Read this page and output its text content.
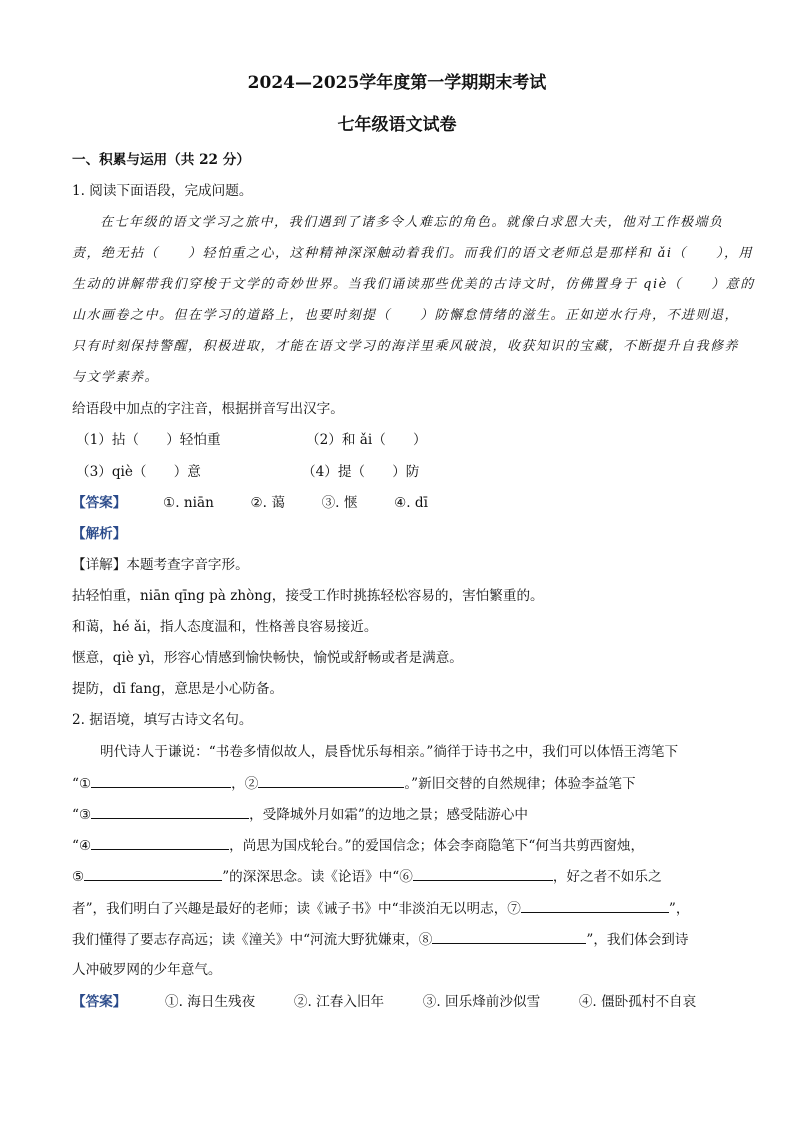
2024—2025学年度第一学期期末考试
七年级语文试卷
一、积累与运用（共 22 分）
1. 阅读下面语段，完成问题。
在七年级的语文学习之旅中，我们遇到了诸多令人难忘的角色。就像白求恩大夫，他对工作极端负
责，绝无拈（　　）轻怕重之心，这种精神深深触动着我们。而我们的语文老师总是那样和 ǎi（　　），用
生动的讲解带我们穿梭于文学的奇妙世界。当我们诵读那些优美的古诗文时，仿佛置身于 qiè（　　）意的
山水画卷之中。但在学习的道路上，也要时刻提（　　）防懈怠情绪的滋生。正如逆水行舟，不进则退，
只有时刻保持警醒，积极进取，才能在语文学习的海洋里乘风破浪，收获知识的宝藏，不断提升自我修养
与文学素养。
给语段中加点的字注音，根据拼音写出汉字。
（1）拈（　　）轻怕重	（2）和 ǎi（　　）
（3）qiè（　　）意	（4）提（　　）防
【答案】	①. niān	②. 蔼	③. 惬	④. dī
【解析】
【详解】本题考查字音字形。
拈轻怕重，niān qīng pà zhòng，接受工作时挑拣轻松容易的，害怕繁重的。
和蔼，hé ǎi，指人态度温和，性格善良容易接近。
惬意，qiè yì，形容心情感到愉快畅快，愉悦或舒畅或者是满意。
提防，dī fang，意思是小心防备。
2. 据语境，填写古诗文名句。
明代诗人于谦说：“书卷多情似故人，晨昏忧乐每相亲。”徜徉于诗书之中，我们可以体悟王湾笔下
“①	，②	。”新旧交替的自然规律；体验李益笔下
“③	，受降城外月如霜”的边地之景；感受陆游心中
“④	，尚思为国戍轮台。”的爱国信念；体会李商隐笔下“何当共剪西窗烛，
⑤	”的深深思念。读《论语》中“⑥	，好之者不如乐之
者”，我们明白了兴趣是最好的老师；读《诫子书》中“非淡泊无以明志，⑦	”，
我们懂得了要志存高远；读《潼关》中“河流大野犹嫌束，⑧	”，我们体会到诗
人冲破罗网的少年意气。
【答案】	①. 海日生残夜	②. 江春入旧年	③. 回乐烽前沙似雪	④. 僵卧孤村不自哀
